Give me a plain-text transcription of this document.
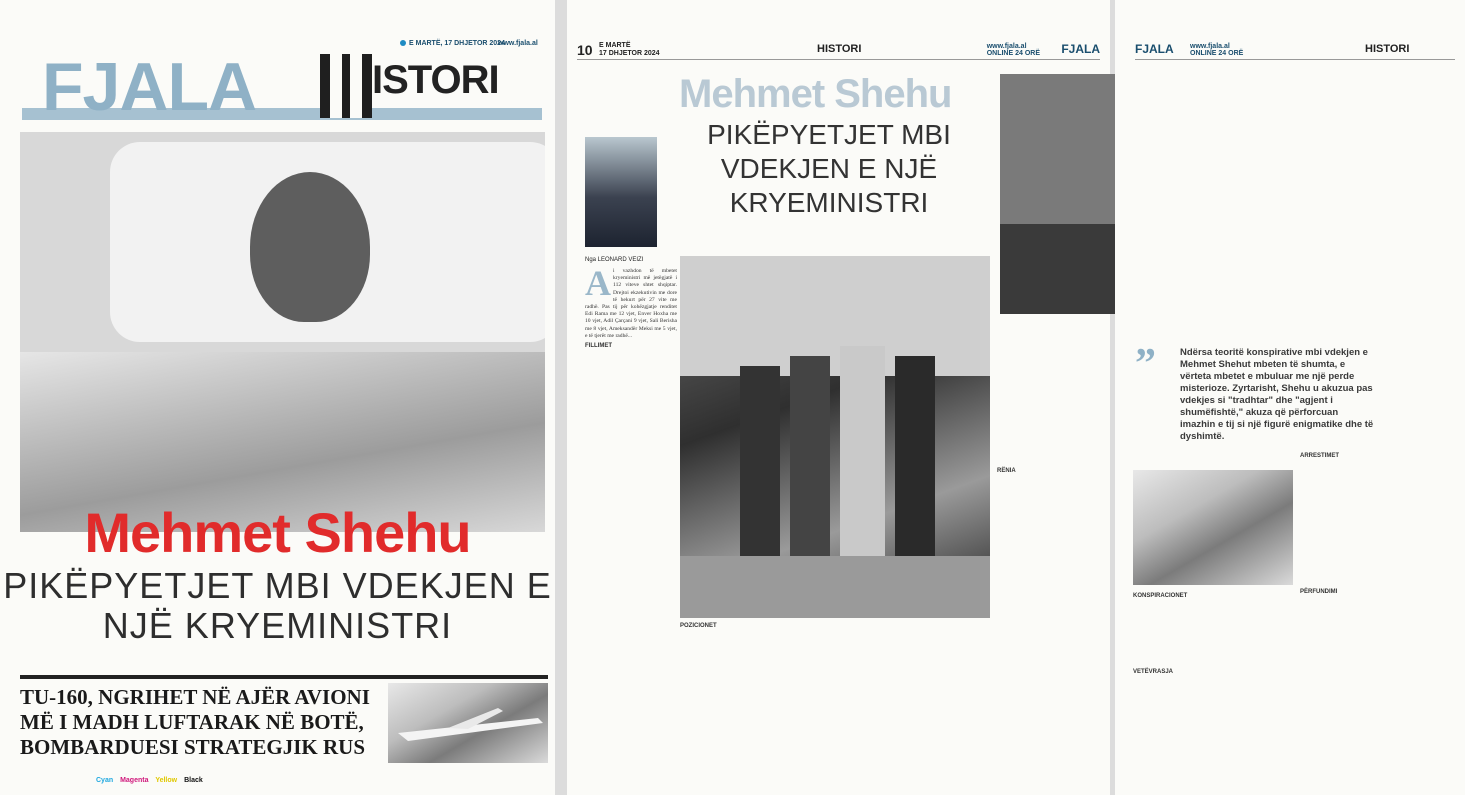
E MARTË, 17 DHJETOR 2024
www.fjala.al
FJALA	ISTORI
Mehmet Shehu
PIKËPYETJET MBI VDEKJEN E NJË KRYEMINISTRI
TU-160, NGRIHET NË AJËR AVIONI MË I MADH LUFTARAK NË BOTË, BOMBARDUESI STRATEGJIK RUS
Cyan Magenta Yellow Black
10 E MARTË
17 DHJETOR 2024	HISTORI	www.fjala.al
ONLINE 24 ORË FJALA
Mehmet Shehu
PIKËPYETJET MBI VDEKJEN E NJË KRYEMINISTRI
Nga LEONARD VEIZI
A i vazhdon të mbetet kryeministri më jetëgjatë i 112 viteve shtet shqiptar. Drejtoi ekzekutivin me dore të hekurt për 27 vite me radhë. Pas tij për kohëzgjatje renditet Edi Rama me 12 vjet, Enver Hoxha me 10 vjet, Adil Çarçani 9 vjet, Sali Berisha me 8 vjet, Ameksandër Meksi me 5 vjet, e të tjerët me radhë...
FILLIMET
POZICIONET
RËNIA
FJALA www.fjala.al
ONLINE 24 ORË	HISTORI
”	Ndërsa teoritë konspirative mbi vdekjen e Mehmet Shehut mbeten të shumta, e vërteta mbetet e mbuluar me një perde misterioze. Zyrtarisht, Shehu u akuzua pas vdekjes si "tradhtar" dhe "agjent i shumëfishtë," akuza që përforcuan imazhin e tij si një figurë enigmatike dhe të dyshimtë.
KONSPIRACIONET
VETËVRASJA
ARRESTIMET
PËRFUNDIMI
